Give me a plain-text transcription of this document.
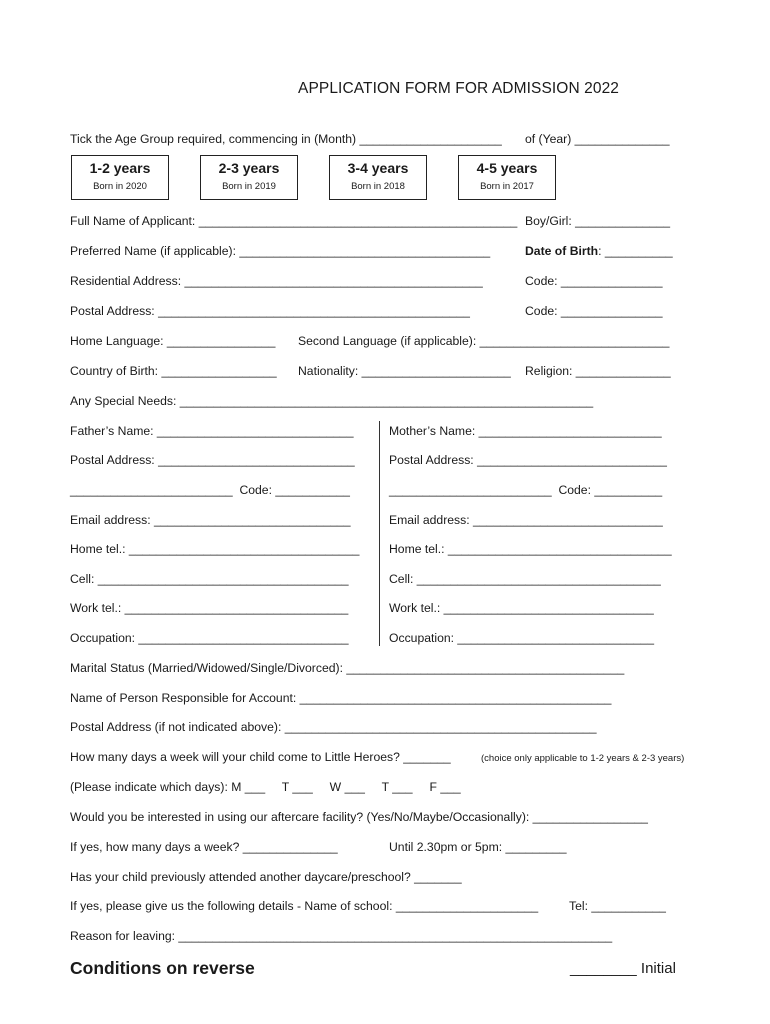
APPLICATION FORM FOR ADMISSION 2022
Tick the Age Group required, commencing in (Month) _____________________ of (Year) ______________
1-2 years
Born in 2020
2-3 years
Born in 2019
3-4 years
Born in 2018
4-5 years
Born in 2017
Full Name of Applicant: _______________________________________________ Boy/Girl: ______________
Preferred Name (if applicable): _____________________________________	Date of Birth: __________
Residential Address: ____________________________________________	Code: _______________
Postal Address: ______________________________________________	Code: _______________
Home Language: ________________ Second Language (if applicable): ____________________________
Country of Birth: _________________ Nationality: ______________________ Religion: ______________
Any Special Needs: _____________________________________________________________
Father’s Name: _____________________________
Postal Address: _____________________________
________________________  Code: ___________
Email address: _____________________________
Home tel.: __________________________________
Cell: _____________________________________
Work tel.: _________________________________
Occupation: _______________________________
Mother’s Name: ___________________________
Postal Address: ____________________________
________________________  Code: __________
Email address: ____________________________
Home tel.: _________________________________
Cell: ____________________________________
Work tel.: _______________________________
Occupation: _____________________________
Marital Status (Married/Widowed/Single/Divorced): _________________________________________
Name of Person Responsible for Account: ______________________________________________
Postal Address (if not indicated above): ______________________________________________
How many days a week will your child come to Little Heroes? _______	(choice only applicable to 1-2 years & 2-3 years)
(Please indicate which days): M ___     T ___     W ___     T ___     F ___
Would you be interested in using our aftercare facility? (Yes/No/Maybe/Occasionally): _________________
If yes, how many days a week? ______________	Until 2.30pm or 5pm: _________
Has your child previously attended another daycare/preschool? _______
If yes, please give us the following details - Name of school: _____________________	Tel: ___________
Reason for leaving: ________________________________________________________________
Conditions on reverse	________ Initial
